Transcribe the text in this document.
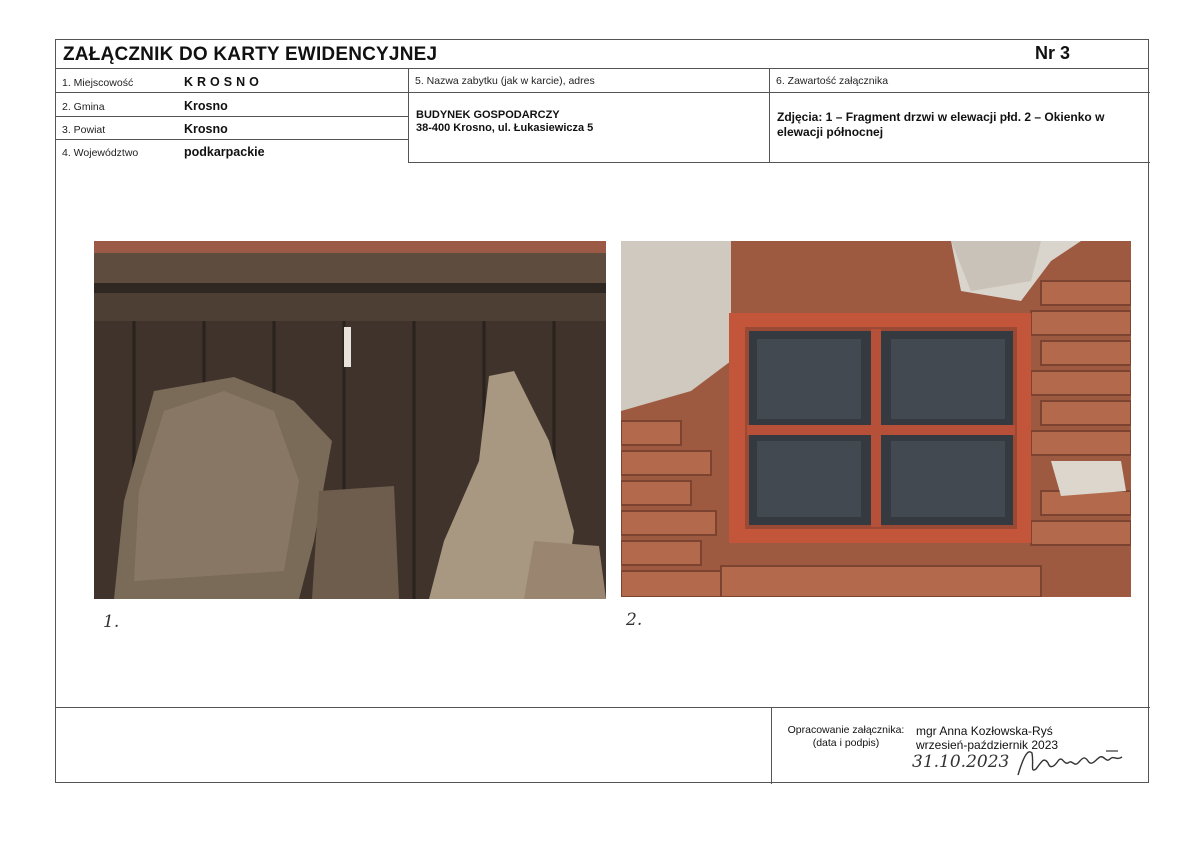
ZAŁĄCZNIK DO KARTY EWIDENCYJNEJ	Nr 3
1. Miejscowość	KROSNO
2. Gmina	Krosno
3. Powiat	Krosno
4. Województwo	podkarpackie
5. Nazwa zabytku (jak w karcie), adres
BUDYNEK GOSPODARCZY
38-400 Krosno, ul. Łukasiewicza 5
6. Zawartość załącznika
Zdjęcia: 1 – Fragment drzwi w elewacji płd. 2 – Okienko w elewacji północnej
1.	2.
Opracowanie załącznika:
(data i podpis)
mgr Anna Kozłowska-Ryś
wrzesień-październik 2023
31.10.2023
